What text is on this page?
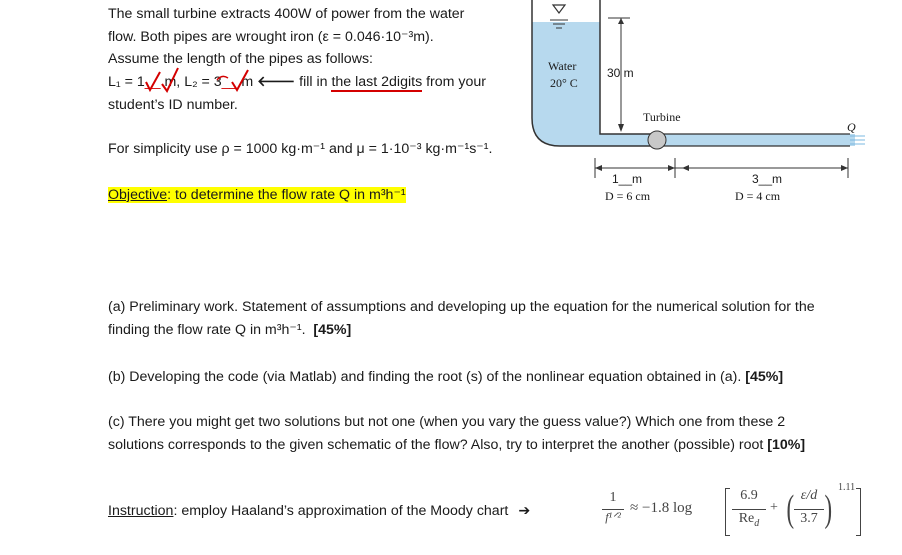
The small turbine extracts 400W of power from the water
flow. Both pipes are wrought iron (ε = 0.046·10⁻³m).
Assume the length of the pipes as follows:
L₁ = 1__ m, L₂ = 3__ m 🡐 fill in the last 2digits from your
student’s ID number.
For simplicity use ρ = 1000 kg·m⁻¹ and μ = 1·10⁻³ kg·m⁻¹s⁻¹.
Objective: to determine the flow rate Q in m³h⁻¹
Water
20° C
30 m
Turbine
Q
1__m
D = 6 cm
3__m
D = 4 cm
(a) Preliminary work. Statement of assumptions and developing up the equation for the numerical solution for the
finding the flow rate Q in m³h⁻¹. [45%]
(b) Developing the code (via Matlab) and finding the root (s) of the nonlinear equation obtained in (a). [45%]
(c) There you might get two solutions but not one (when you vary the guess value?) Which one from these 2
solutions corresponds to the given schematic of the flow? Also, try to interpret the another (possible) root [10%]
Instruction: employ Haaland’s approximation of the Moody chart ➔
1
f¹ᐟ²
≈ −1.8 log
6.9
$Re_d$
+ ( ε/d
3.7 )
1.11
